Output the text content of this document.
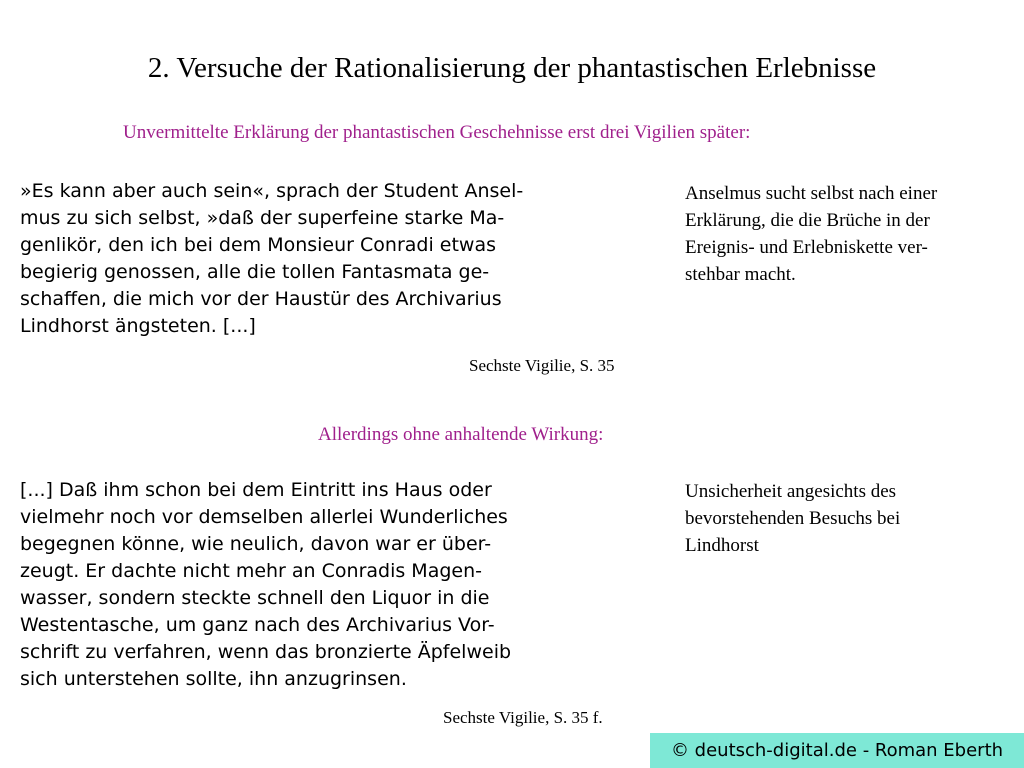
2. Versuche der Rationalisierung der phantastischen Erlebnisse
Unvermittelte Erklärung der phantastischen Geschehnisse erst drei Vigilien später:
»Es kann aber auch sein«, sprach der Student Ansel-
mus zu sich selbst, »daß der superfeine starke Ma-
genlikör, den ich bei dem Monsieur Conradi etwas
begierig genossen, alle die tollen Fantasmata ge-
schaffen, die mich vor der Haustür des Archivarius
Lindhorst ängsteten. [...]
Sechste Vigilie, S. 35
Anselmus sucht selbst nach einer
Erklärung, die die Brüche in der
Ereignis- und Erlebniskette ver-
stehbar macht.
Allerdings ohne anhaltende Wirkung:
[...] Daß ihm schon bei dem Eintritt ins Haus oder
vielmehr noch vor demselben allerlei Wunderliches
begegnen könne, wie neulich, davon war er über-
zeugt. Er dachte nicht mehr an Conradis Magen-
wasser, sondern steckte schnell den Liquor in die
Westentasche, um ganz nach des Archivarius Vor-
schrift zu verfahren, wenn das bronzierte Äpfelweib
sich unterstehen sollte, ihn anzugrinsen.
Sechste Vigilie, S. 35 f.
Unsicherheit angesichts des
bevorstehenden Besuchs bei
Lindhorst
© deutsch-digital.de - Roman Eberth
